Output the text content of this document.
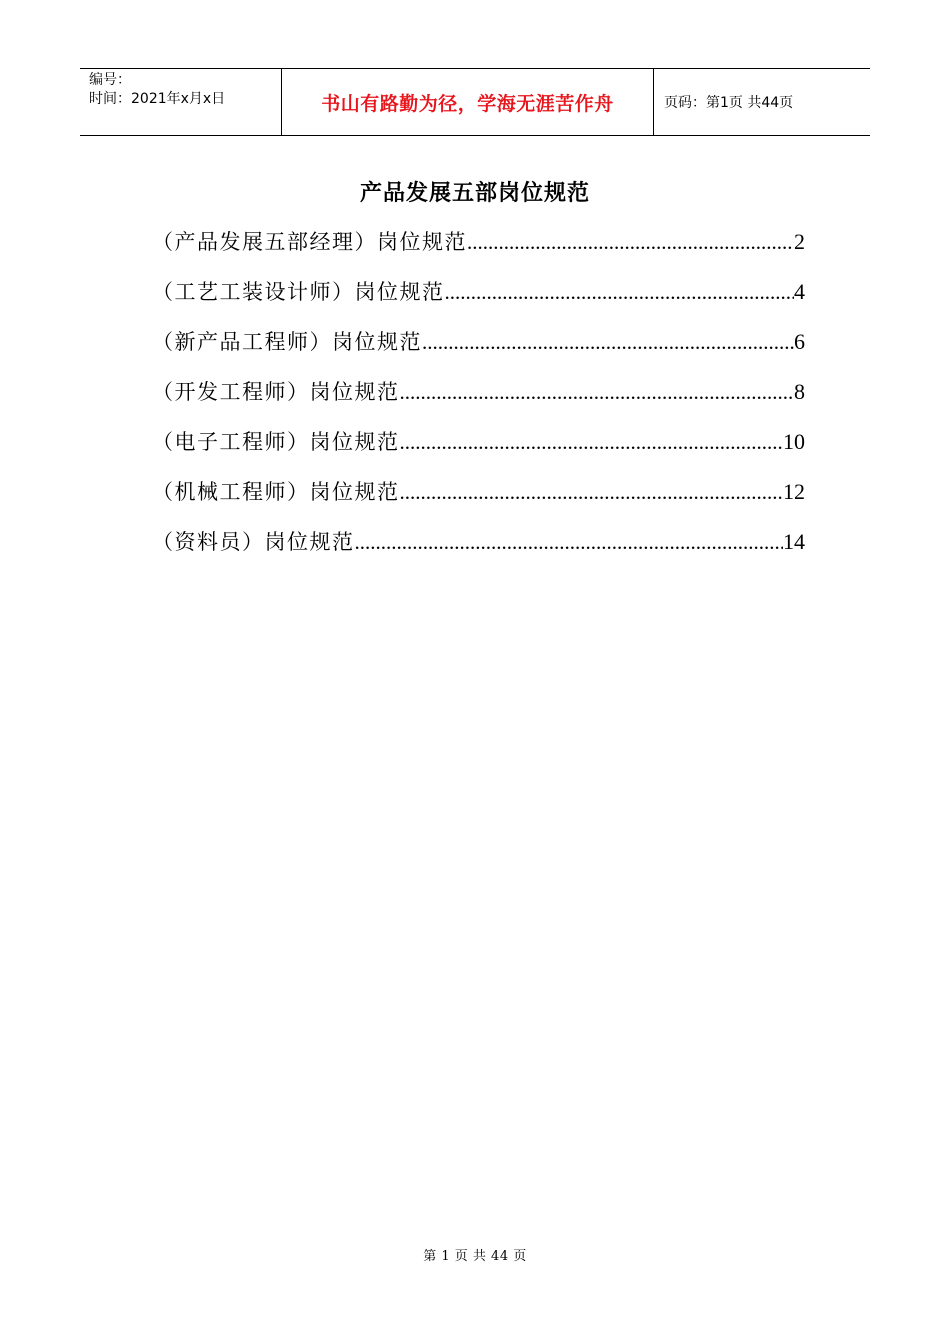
编号：
时间：2021年x月x日	书山有路勤为径，学海无涯苦作舟	页码：第1页 共44页
产品发展五部岗位规范
（产品发展五部经理）岗位规范 .....	2
（工艺工装设计师）岗位规范 .....	4
（新产品工程师）岗位规范 .....	6
（开发工程师）岗位规范 .....	8
（电子工程师）岗位规范 .....	10
（机械工程师）岗位规范 .....	12
（资料员）岗位规范 .....	14
第 1 页 共 44 页
